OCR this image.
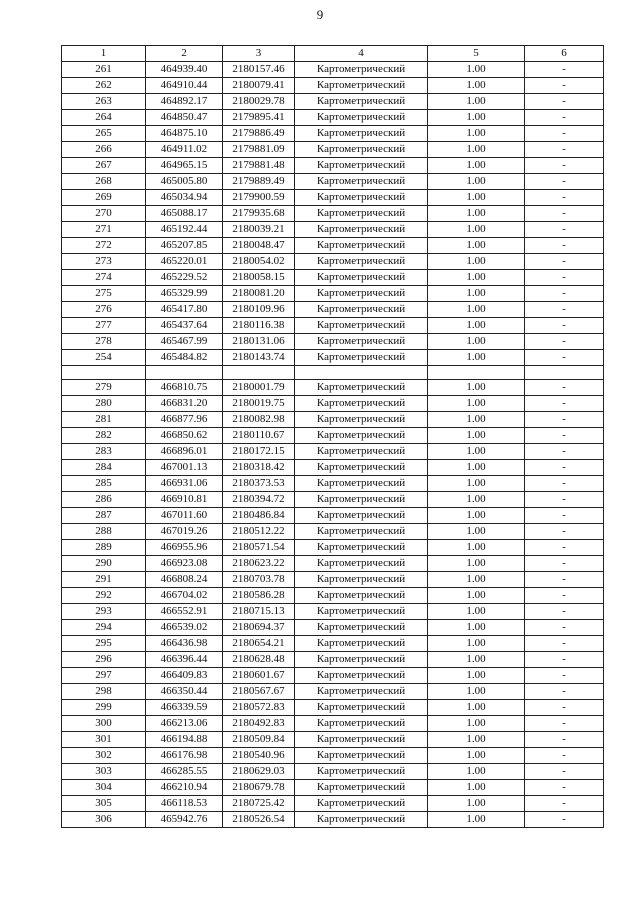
9
1	2	3	4	5	6
261	464939.40	2180157.46	Картометрический	1.00	-
262	464910.44	2180079.41	Картометрический	1.00	-
263	464892.17	2180029.78	Картометрический	1.00	-
264	464850.47	2179895.41	Картометрический	1.00	-
265	464875.10	2179886.49	Картометрический	1.00	-
266	464911.02	2179881.09	Картометрический	1.00	-
267	464965.15	2179881.48	Картометрический	1.00	-
268	465005.80	2179889.49	Картометрический	1.00	-
269	465034.94	2179900.59	Картометрический	1.00	-
270	465088.17	2179935.68	Картометрический	1.00	-
271	465192.44	2180039.21	Картометрический	1.00	-
272	465207.85	2180048.47	Картометрический	1.00	-
273	465220.01	2180054.02	Картометрический	1.00	-
274	465229.52	2180058.15	Картометрический	1.00	-
275	465329.99	2180081.20	Картометрический	1.00	-
276	465417.80	2180109.96	Картометрический	1.00	-
277	465437.64	2180116.38	Картометрический	1.00	-
278	465467.99	2180131.06	Картометрический	1.00	-
254	465484.82	2180143.74	Картометрический	1.00	-

279	466810.75	2180001.79	Картометрический	1.00	-
280	466831.20	2180019.75	Картометрический	1.00	-
281	466877.96	2180082.98	Картометрический	1.00	-
282	466850.62	2180110.67	Картометрический	1.00	-
283	466896.01	2180172.15	Картометрический	1.00	-
284	467001.13	2180318.42	Картометрический	1.00	-
285	466931.06	2180373.53	Картометрический	1.00	-
286	466910.81	2180394.72	Картометрический	1.00	-
287	467011.60	2180486.84	Картометрический	1.00	-
288	467019.26	2180512.22	Картометрический	1.00	-
289	466955.96	2180571.54	Картометрический	1.00	-
290	466923.08	2180623.22	Картометрический	1.00	-
291	466808.24	2180703.78	Картометрический	1.00	-
292	466704.02	2180586.28	Картометрический	1.00	-
293	466552.91	2180715.13	Картометрический	1.00	-
294	466539.02	2180694.37	Картометрический	1.00	-
295	466436.98	2180654.21	Картометрический	1.00	-
296	466396.44	2180628.48	Картометрический	1.00	-
297	466409.83	2180601.67	Картометрический	1.00	-
298	466350.44	2180567.67	Картометрический	1.00	-
299	466339.59	2180572.83	Картометрический	1.00	-
300	466213.06	2180492.83	Картометрический	1.00	-
301	466194.88	2180509.84	Картометрический	1.00	-
302	466176.98	2180540.96	Картометрический	1.00	-
303	466285.55	2180629.03	Картометрический	1.00	-
304	466210.94	2180679.78	Картометрический	1.00	-
305	466118.53	2180725.42	Картометрический	1.00	-
306	465942.76	2180526.54	Картометрический	1.00	-
